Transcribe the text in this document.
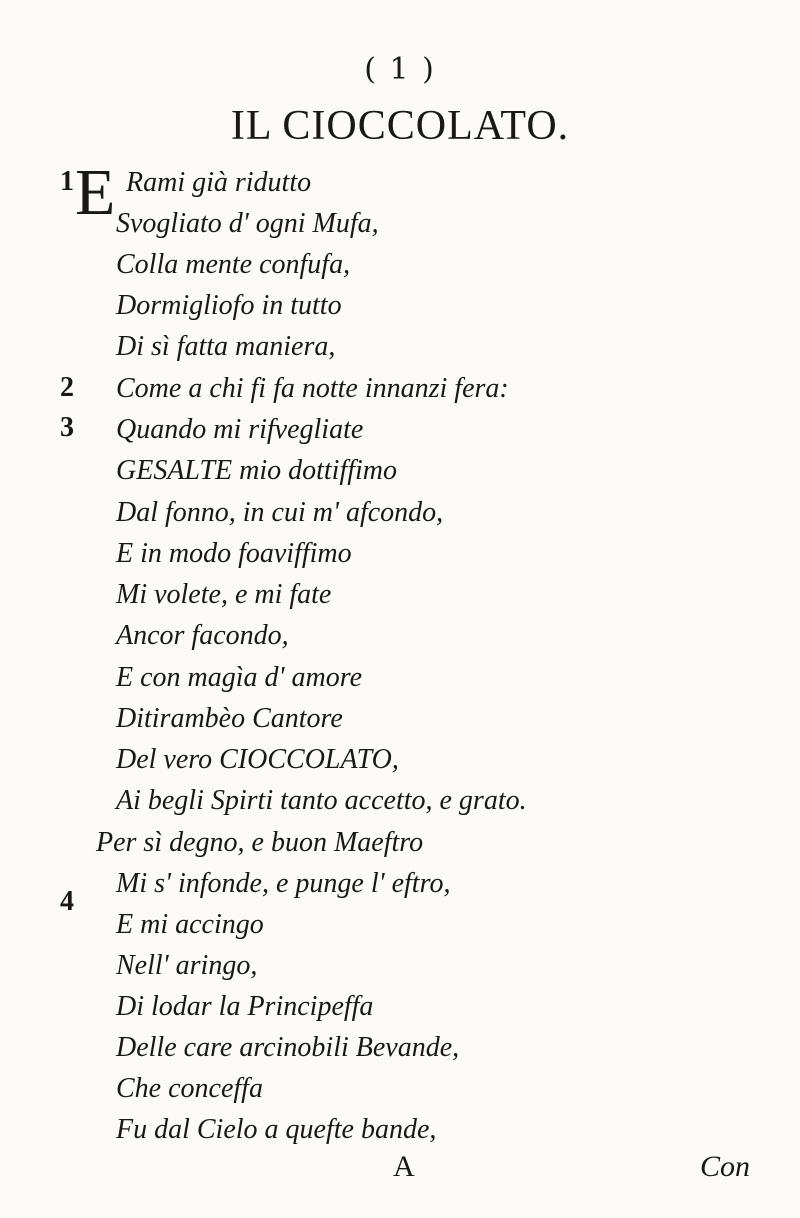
( 1 )
IL CIOCCOLATO.
1
2
3
4
E Rami già ridutto
Svogliato d' ogni Mufa,
Colla mente confufa,
Dormigliofo in tutto
Di sì fatta maniera,
Come a chi fi fa notte innanzi fera:
Quando mi rifvegliate
GESALTE mio dottiffimo
Dal fonno, in cui m' afcondo,
E in modo foaviffimo
Mi volete, e mi fate
Ancor facondo,
E con magìa d' amore
Ditirambèo Cantore
Del vero CIOCCOLATO,
Ai begli Spirti tanto accetto, e grato.
Per sì degno, e buon Maeftro
Mi s' infonde, e punge l' eftro,
E mi accingo
Nell' aringo,
Di lodar la Principeffa
Delle care arcinobili Bevande,
Che conceffa
Fu dal Cielo a quefte bande,
A	Con
